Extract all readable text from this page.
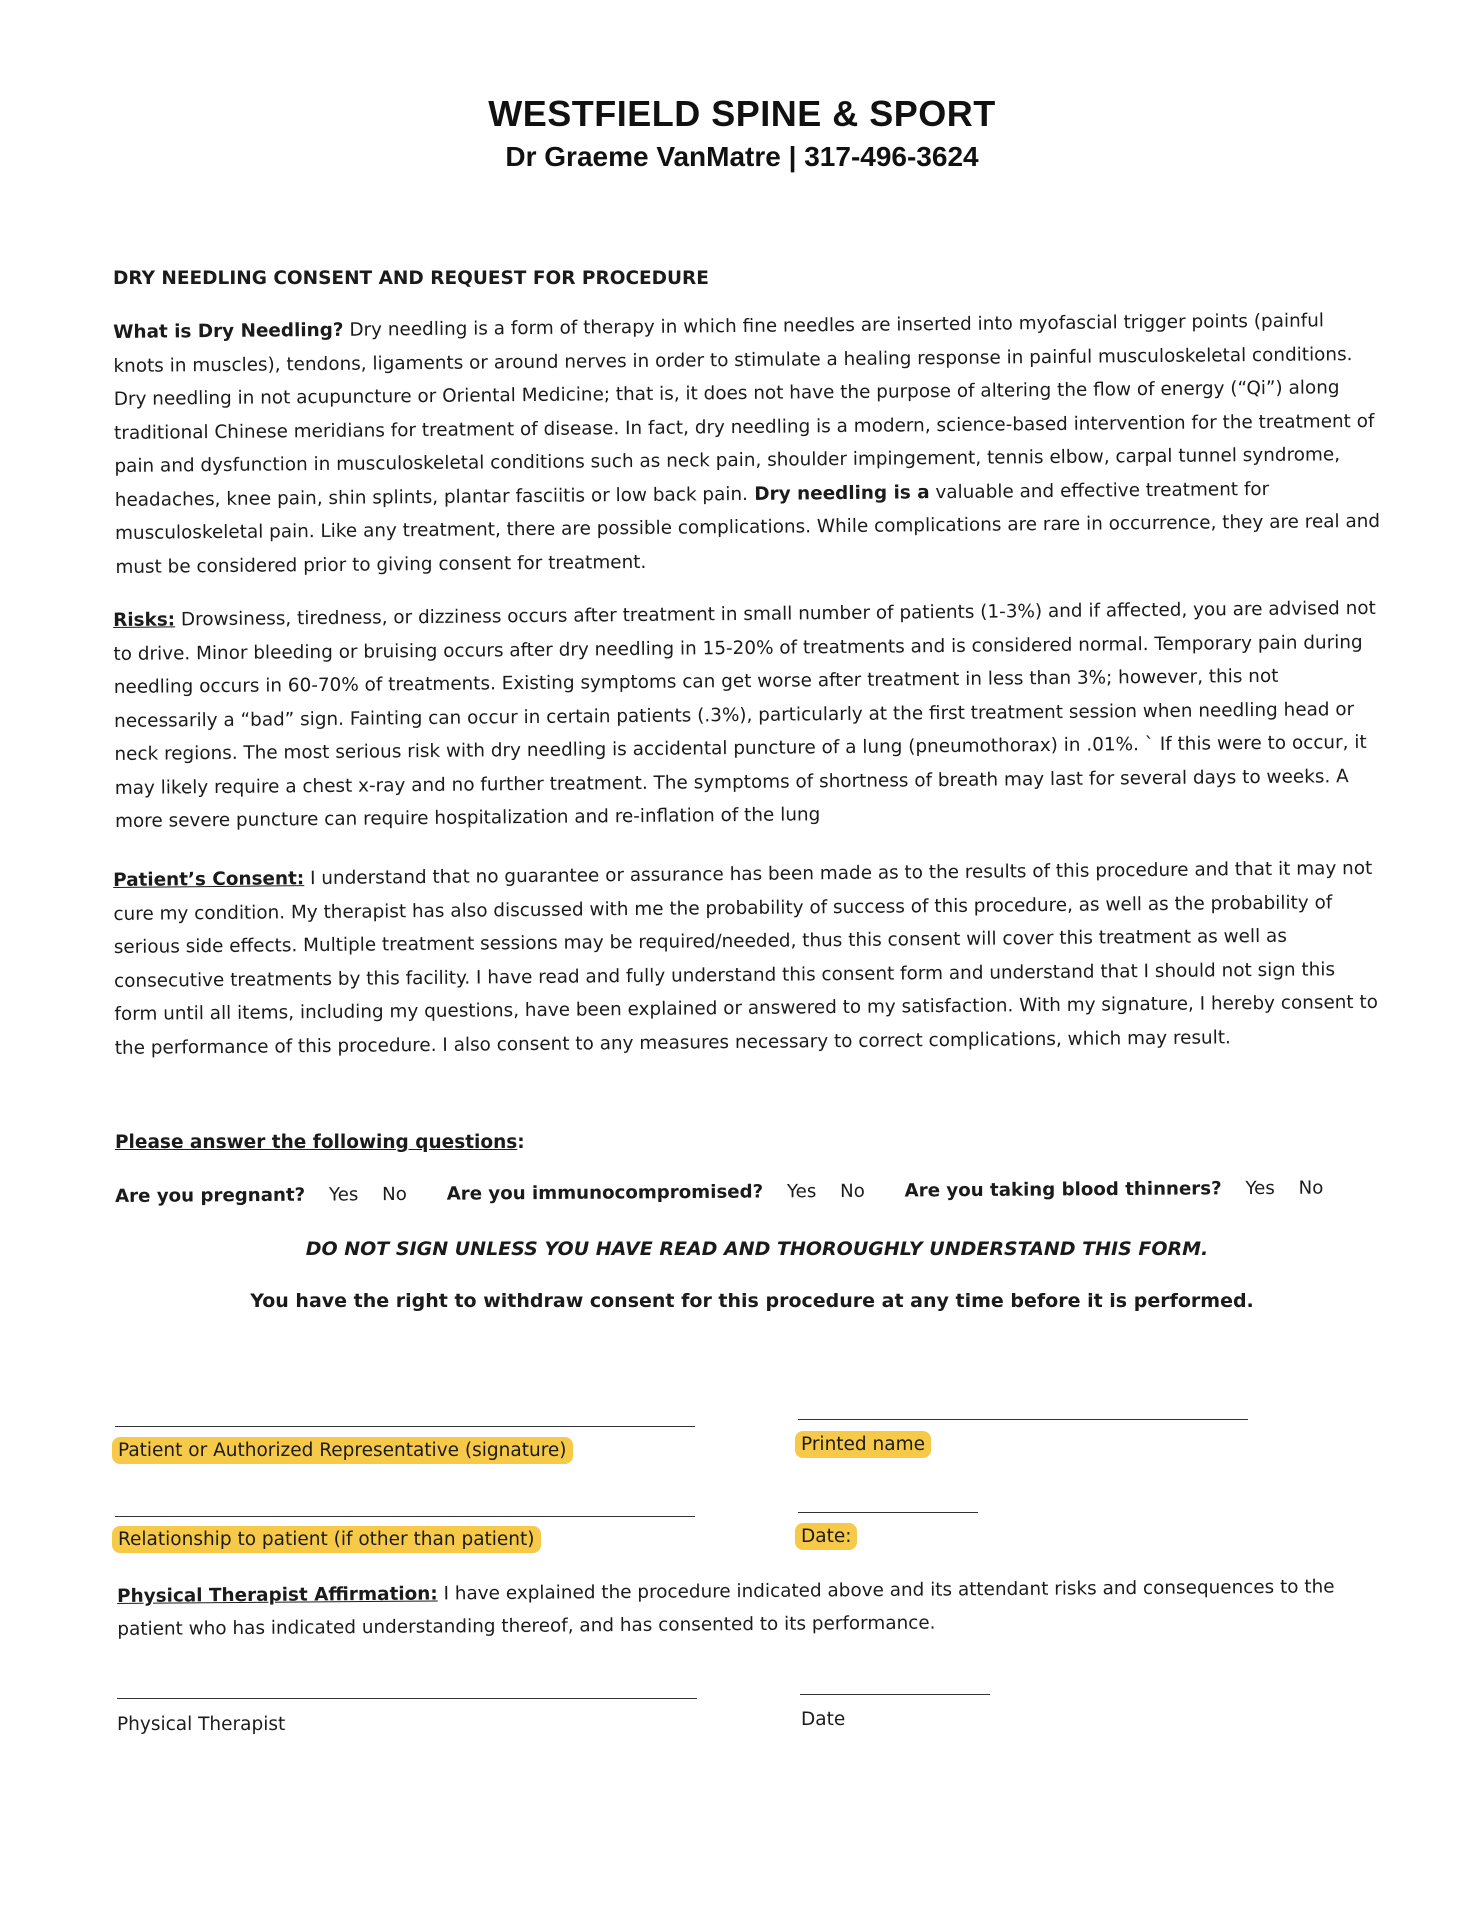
WESTFIELD SPINE & SPORT
Dr Graeme VanMatre | 317-496-3624
DRY NEEDLING CONSENT AND REQUEST FOR PROCEDURE
What is Dry Needling? Dry needling is a form of therapy in which fine needles are inserted into myofascial trigger points (painful knots in muscles), tendons, ligaments or around nerves in order to stimulate a healing response in painful musculoskeletal conditions. Dry needling in not acupuncture or Oriental Medicine; that is, it does not have the purpose of altering the flow of energy (“Qi”) along traditional Chinese meridians for treatment of disease. In fact, dry needling is a modern, science-based intervention for the treatment of pain and dysfunction in musculoskeletal conditions such as neck pain, shoulder impingement, tennis elbow, carpal tunnel syndrome, headaches, knee pain, shin splints, plantar fasciitis or low back pain. Dry needling is a valuable and effective treatment for musculoskeletal pain. Like any treatment, there are possible complications. While complications are rare in occurrence, they are real and must be considered prior to giving consent for treatment.
Risks: Drowsiness, tiredness, or dizziness occurs after treatment in small number of patients (1-3%) and if affected, you are advised not to drive. Minor bleeding or bruising occurs after dry needling in 15-20% of treatments and is considered normal. Temporary pain during needling occurs in 60-70% of treatments. Existing symptoms can get worse after treatment in less than 3%; however, this not necessarily a “bad” sign. Fainting can occur in certain patients (.3%), particularly at the first treatment session when needling head or neck regions. The most serious risk with dry needling is accidental puncture of a lung (pneumothorax) in .01%. ˋ If this were to occur, it may likely require a chest x-ray and no further treatment. The symptoms of shortness of breath may last for several days to weeks. A more severe puncture can require hospitalization and re-inflation of the lung
Patient’s Consent: I understand that no guarantee or assurance has been made as to the results of this procedure and that it may not cure my condition. My therapist has also discussed with me the probability of success of this procedure, as well as the probability of serious side effects. Multiple treatment sessions may be required/needed, thus this consent will cover this treatment as well as consecutive treatments by this facility. I have read and fully understand this consent form and understand that I should not sign this form until all items, including my questions, have been explained or answered to my satisfaction. With my signature, I hereby consent to the performance of this procedure. I also consent to any measures necessary to correct complications, which may result.
Please answer the following questions:
Are you pregnant? Yes No Are you immunocompromised? Yes No Are you taking blood thinners? Yes No
DO NOT SIGN UNLESS YOU HAVE READ AND THOROUGHLY UNDERSTAND THIS FORM.
You have the right to withdraw consent for this procedure at any time before it is performed.
Patient or Authorized Representative (signature)	Printed name
Relationship to patient (if other than patient)	Date:
Physical Therapist Affirmation: I have explained the procedure indicated above and its attendant risks and consequences to the patient who has indicated understanding thereof, and has consented to its performance.
Physical Therapist	Date
